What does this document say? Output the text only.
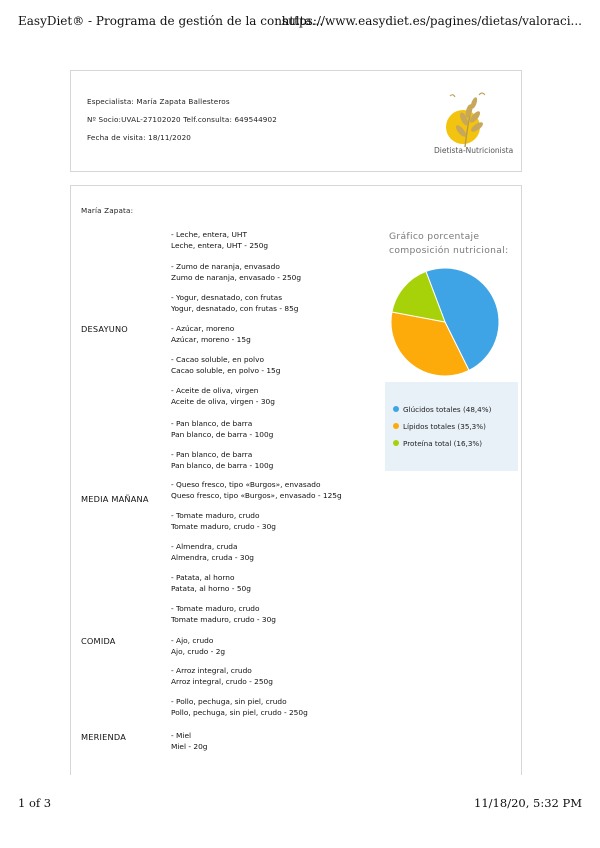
EasyDiet® - Programa de gestión de la consulta...
https://www.easydiet.es/pagines/dietas/valoraci...
Especialista: María Zapata Ballesteros
Nº Socio:UVAL-27102020 Telf.consulta: 649544902
Fecha de visita: 18/11/2020
Dietista-Nutricionista
María Zapata:
DESAYUNO
MEDIA MAÑANA
COMIDA
MERIENDA
- Leche, entera, UHT
Leche, entera, UHT - 250g
- Zumo de naranja, envasado
Zumo de naranja, envasado - 250g
- Yogur, desnatado, con frutas
Yogur, desnatado, con frutas - 85g
- Azúcar, moreno
Azúcar, moreno - 15g
- Cacao soluble, en polvo
Cacao soluble, en polvo - 15g
- Aceite de oliva, virgen
Aceite de oliva, virgen - 30g
- Pan blanco, de barra
Pan blanco, de barra - 100g
- Pan blanco, de barra
Pan blanco, de barra - 100g
- Queso fresco, tipo «Burgos», envasado
Queso fresco, tipo «Burgos», envasado - 125g
- Tomate maduro, crudo
Tomate maduro, crudo - 30g
- Almendra, cruda
Almendra, cruda - 30g
- Patata, al horno
Patata, al horno - 50g
- Tomate maduro, crudo
Tomate maduro, crudo - 30g
- Ajo, crudo
Ajo, crudo - 2g
- Arroz integral, crudo
Arroz integral, crudo - 250g
- Pollo, pechuga, sin piel, crudo
Pollo, pechuga, sin piel, crudo - 250g
- Miel
Miel - 20g
Gráfico porcentaje
composición nutricional:
Glúcidos totales (48,4%)
Lípidos totales (35,3%)
Proteína total (16,3%)
1 of 3	11/18/20, 5:32 PM
